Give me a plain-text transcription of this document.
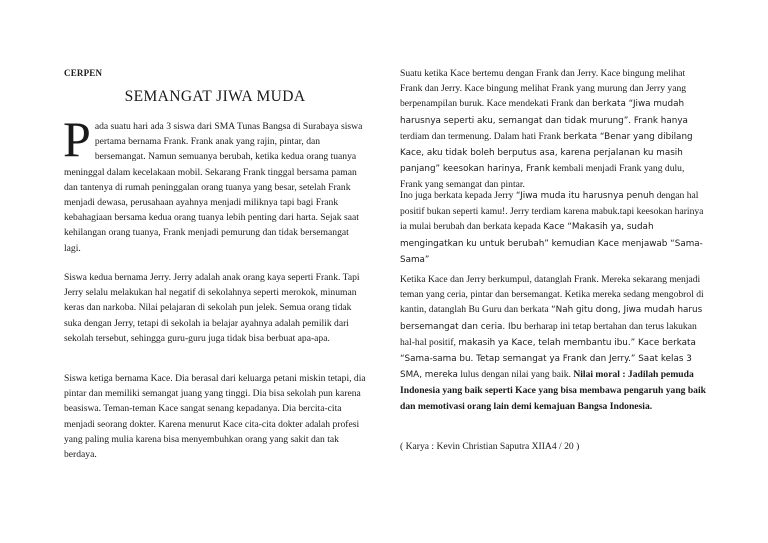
CERPEN
SEMANGAT JIWA MUDA
P ada suatu hari ada 3 siswa dari SMA Tunas Bangsa di Surabaya siswa pertama bernama Frank. Frank anak yang rajin, pintar, dan bersemangat. Namun semuanya berubah, ketika kedua orang tuanya meninggal dalam kecelakaan mobil. Sekarang Frank tinggal bersama paman dan tantenya di rumah peninggalan orang tuanya yang besar, setelah Frank menjadi dewasa, perusahaan ayahnya menjadi miliknya tapi bagi Frank kebahagiaan bersama kedua orang tuanya lebih penting dari harta. Sejak saat kehilangan orang tuanya, Frank menjadi pemurung dan tidak bersemangat lagi.
Siswa kedua bernama Jerry. Jerry adalah anak orang kaya seperti Frank. Tapi Jerry selalu melakukan hal negatif di sekolahnya seperti merokok, minuman keras dan narkoba. Nilai pelajaran di sekolah pun jelek. Semua orang tidak suka dengan Jerry, tetapi di sekolah ia belajar ayahnya adalah pemilik dari sekolah tersebut, sehingga guru-guru juga tidak bisa berbuat apa-apa.
Siswa ketiga bernama Kace. Dia berasal dari keluarga petani miskin tetapi, dia pintar dan memiliki semangat juang yang tinggi. Dia bisa sekolah pun karena beasiswa. Teman-teman Kace sangat senang kepadanya. Dia bercita-cita menjadi seorang dokter. Karena menurut Kace cita-cita dokter adalah profesi yang paling mulia karena bisa menyembuhkan orang yang sakit dan tak berdaya.
Suatu ketika Kace bertemu dengan Frank dan Jerry. Kace bingung melihat Frank dan Jerry. Kace bingung melihat Frank yang murung dan Jerry yang berpenampilan buruk. Kace mendekati Frank dan berkata “Jiwa mudah harusnya seperti aku, semangat dan tidak murung”. Frank hanya terdiam dan termenung. Dalam hati Frank berkata “Benar yang dibilang Kace, aku tidak boleh berputus asa, karena perjalanan ku masih panjang” keesokan harinya, Frank kembali menjadi Frank yang dulu, Frank yang semangat dan pintar.
Ino juga berkata kepada Jerry “Jiwa muda itu harusnya penuh dengan hal positif bukan seperti kamu!. Jerry terdiam karena mabuk.tapi keesokan harinya ia mulai berubah dan berkata kepada Kace “Makasih ya, sudah mengingatkan ku untuk berubah” kemudian Kace menjawab “Sama-Sama”
Ketika Kace dan Jerry berkumpul, datanglah Frank. Mereka sekarang menjadi teman yang ceria, pintar dan bersemangat. Ketika mereka sedang mengobrol di kantin, datanglah Bu Guru dan berkata “Nah gitu dong, Jiwa mudah harus bersemangat dan ceria. Ibu berharap ini tetap bertahan dan terus lakukan hal-hal positif, makasih ya Kace, telah membantu ibu.” Kace berkata “Sama-sama bu. Tetap semangat ya Frank dan Jerry.” Saat kelas 3 SMA, mereka lulus dengan nilai yang baik. Nilai moral : Jadilah pemuda Indonesia yang baik seperti Kace yang bisa membawa pengaruh yang baik dan memotivasi orang lain demi kemajuan Bangsa Indonesia.
( Karya : Kevin Christian Saputra XIIA4 / 20 )
